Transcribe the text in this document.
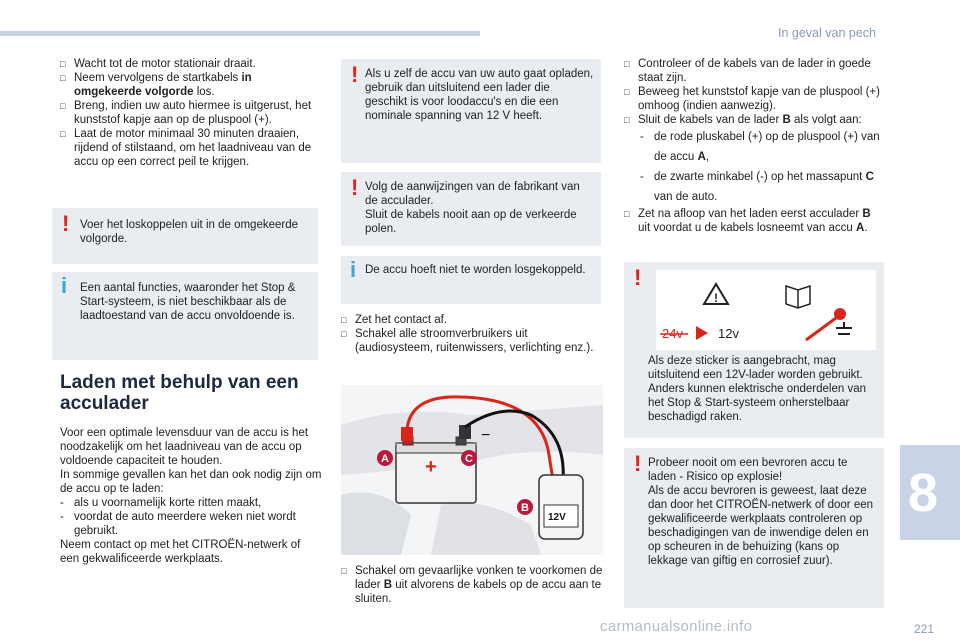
In geval van pech
□ Wacht tot de motor stationair draait.
□ Neem vervolgens de startkabels in omgekeerde volgorde los.
□ Breng, indien uw auto hiermee is uitgerust, het kunststof kapje aan op de pluspool (+).
□ Laat de motor minimaal 30 minuten draaien, rijdend of stilstaand, om het laadniveau van de accu op een correct peil te krijgen.
! Voer het loskoppelen uit in de omgekeerde volgorde.
i Een aantal functies, waaronder het Stop & Start-systeem, is niet beschikbaar als de laadtoestand van de accu onvoldoende is.
Laden met behulp van een acculader
Voor een optimale levensduur van de accu is het noodzakelijk om het laadniveau van de accu op voldoende capaciteit te houden.
In sommige gevallen kan het dan ook nodig zijn om de accu op te laden:
- als u voornamelijk korte ritten maakt,
- voordat de auto meerdere weken niet wordt gebruikt.
Neem contact op met het CITROËN-netwerk of een gekwalificeerde werkplaats.
! Als u zelf de accu van uw auto gaat opladen, gebruik dan uitsluitend een lader die geschikt is voor loodaccu's en die een nominale spanning van 12 V heeft.
! Volg de aanwijzingen van de fabrikant van de acculader.
Sluit de kabels nooit aan op de verkeerde polen.
i De accu hoeft niet te worden losgekoppeld.
□ Zet het contact af.
□ Schakel alle stroomverbruikers uit (audiosysteem, ruitenwissers, verlichting enz.).
+
−
12V
A	C
B
□ Schakel om gevaarlijke vonken te voorkomen de lader B uit alvorens de kabels op de accu aan te sluiten.
□ Controleer of de kabels van de lader in goede staat zijn.
□ Beweeg het kunststof kapje van de pluspool (+) omhoog (indien aanwezig).
□ Sluit de kabels van de lader B als volgt aan:
- de rode pluskabel (+) op de pluspool (+) van de accu A,
- de zwarte minkabel (-) op het massapunt C van de auto.
□ Zet na afloop van het laden eerst acculader B uit voordat u de kabels losneemt van accu A.
!
!
24v	12v
Als deze sticker is aangebracht, mag uitsluitend een 12V-lader worden gebruikt. Anders kunnen elektrische onderdelen van het Stop & Start-systeem onherstelbaar beschadigd raken.
! Probeer nooit om een bevroren accu te laden - Risico op explosie!
Als de accu bevroren is geweest, laat deze dan door het CITROËN-netwerk of door een gekwalificeerde werkplaats controleren op beschadigingen van de inwendige delen en op scheuren in de behuizing (kans op lekkage van giftig en corrosief zuur).
8
carmanualsonline.info	221
